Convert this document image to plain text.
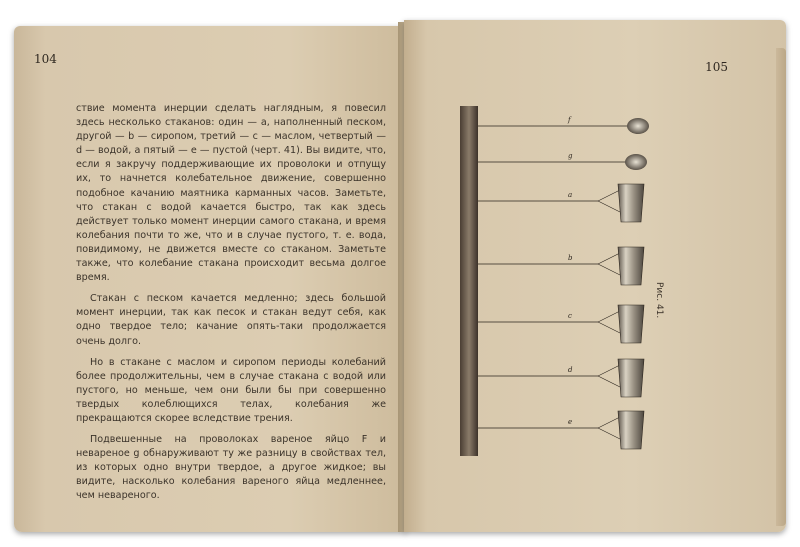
104

ствие момента инерции сделать наглядным, я повесил здесь несколько стаканов: один — a, наполненный песком, другой — b — сиропом, третий — c — маслом, четвертый — d — водой, а пятый — e — пустой (черт. 41). Вы видите, что, если я закручу поддерживающие их проволоки и отпущу их, то начнется колебательное движение, совершенно подобное качанию маятника карманных часов. Заметьте, что стакан с водой качается быстро, так как здесь действует только момент инерции самого стакана, и время колебания почти то же, что и в случае пустого, т. е. вода, повидимому, не движется вместе со стаканом. Заметьте также, что колебание стакана происходит весьма долгое время.

Стакан с песком качается медленно; здесь большой момент инерции, так как песок и стакан ведут себя, как одно твердое тело; качание опять-таки продолжается очень долго.

Но в стакане с маслом и сиропом периоды колебаний более продолжительны, чем в случае стакана с водой или пустого, но меньше, чем они были бы при совершенно твердых колеблющихся телах, колебания же прекращаются скорее вследствие трения.

Подвешенные на проволоках вареное яйцо F и невареное g обнаруживают ту же разницу в свойствах тел, из которых одно внутри твердое, а другое жидкое; вы видите, насколько колебания вареного яйца медленнее, чем невареного.

105
f
g
a
b
c
d
e
Рис. 41.
